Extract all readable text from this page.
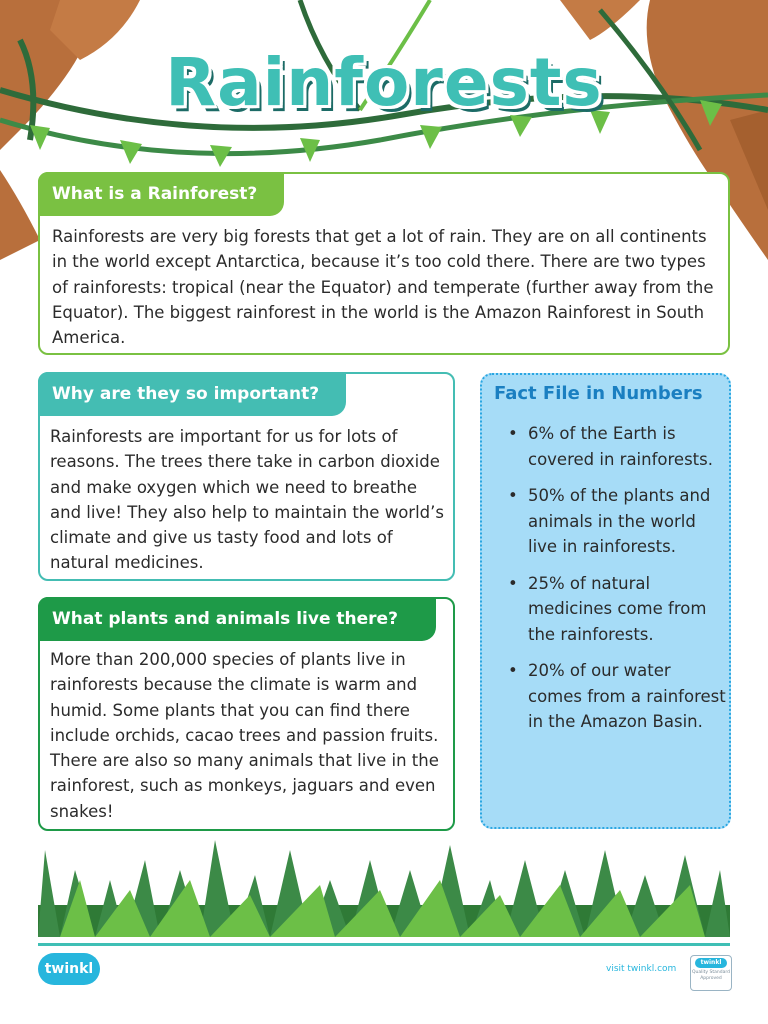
Rainforests
What is a Rainforest?
Rainforests are very big forests that get a lot of rain. They are on all continents in the world except Antarctica, because it’s too cold there. There are two types of rainforests: tropical (near the Equator) and temperate (further away from the Equator). The biggest rainforest in the world is the Amazon Rainforest in South America.
Why are they so important?
Rainforests are important for us for lots of reasons. The trees there take in carbon dioxide and make oxygen which we need to breathe and live! They also help to maintain the world’s climate and give us tasty food and lots of natural medicines.
What plants and animals live there?
More than 200,000 species of plants live in rainforests because the climate is warm and humid. Some plants that you can find there include orchids, cacao trees and passion fruits. There are also so many animals that live in the rainforest, such as monkeys, jaguars and even snakes!
Fact File in Numbers
• 6% of the Earth is covered in rainforests.
• 50% of the plants and animals in the world live in rainforests.
• 25% of natural medicines come from the rainforests.
• 20% of our water comes from a rainforest in the Amazon Basin.
twinkl	visit twinkl.com
twinkl
Quality Standard Approved
